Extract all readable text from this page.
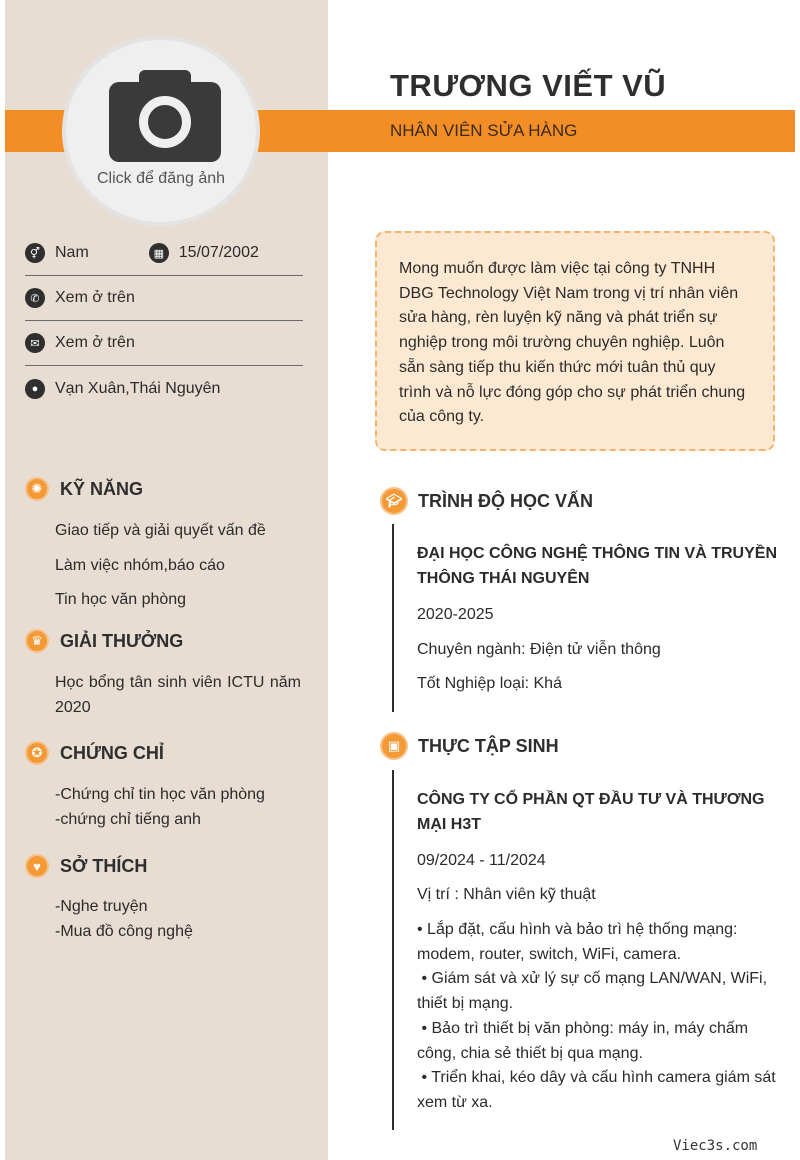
Click để đăng ảnh
TRƯƠNG VIẾT VŨ
NHÂN VIÊN SỬA HÀNG
⚥ Nam	▦ 15/07/2002
✆ Xem ở trên
✉ Xem ở trên
●	Vạn Xuân,Thái Nguyên
✺ KỸ NĂNG
Giao tiếp và giải quyết vấn đề
Làm việc nhóm,báo cáo
Tin học văn phòng
♛ GIẢI THƯỞNG
Học bổng tân sinh viên ICTU năm 2020
✪ CHỨNG CHỈ
-Chứng chỉ tin học văn phòng
-chứng chỉ tiếng anh
♥	SỞ THÍCH
-Nghe truyện
-Mua đồ công nghệ
Mong muốn được làm việc tại công ty TNHH DBG Technology Việt Nam trong vị trí nhân viên sửa hàng, rèn luyện kỹ năng và phát triển sự nghiệp trong môi trường chuyên nghiệp. Luôn sẵn sàng tiếp thu kiến thức mới tuân thủ quy trình và nỗ lực đóng góp cho sự phát triển chung của công ty.
🎓︎ TRÌNH ĐỘ HỌC VẤN
ĐẠI HỌC CÔNG NGHỆ THÔNG TIN VÀ TRUYỀN THÔNG THÁI NGUYÊN
2020-2025
Chuyên ngành: Điện tử viễn thông
Tốt Nghiệp loại: Khá
▣ THỰC TẬP SINH
CÔNG TY CỔ PHẦN QT ĐẦU TƯ VÀ THƯƠNG MẠI H3T
09/2024 - 11/2024
Vị trí : Nhân viên kỹ thuật
• Lắp đặt, cấu hình và bảo trì hệ thống mạng: modem, router, switch, WiFi, camera.
• Giám sát và xử lý sự cố mạng LAN/WAN, WiFi, thiết bị mạng.
• Bảo trì thiết bị văn phòng: máy in, máy chấm công, chia sẻ thiết bị qua mạng.
• Triển khai, kéo dây và cấu hình camera giám sát xem từ xa.
Viec3s.com
